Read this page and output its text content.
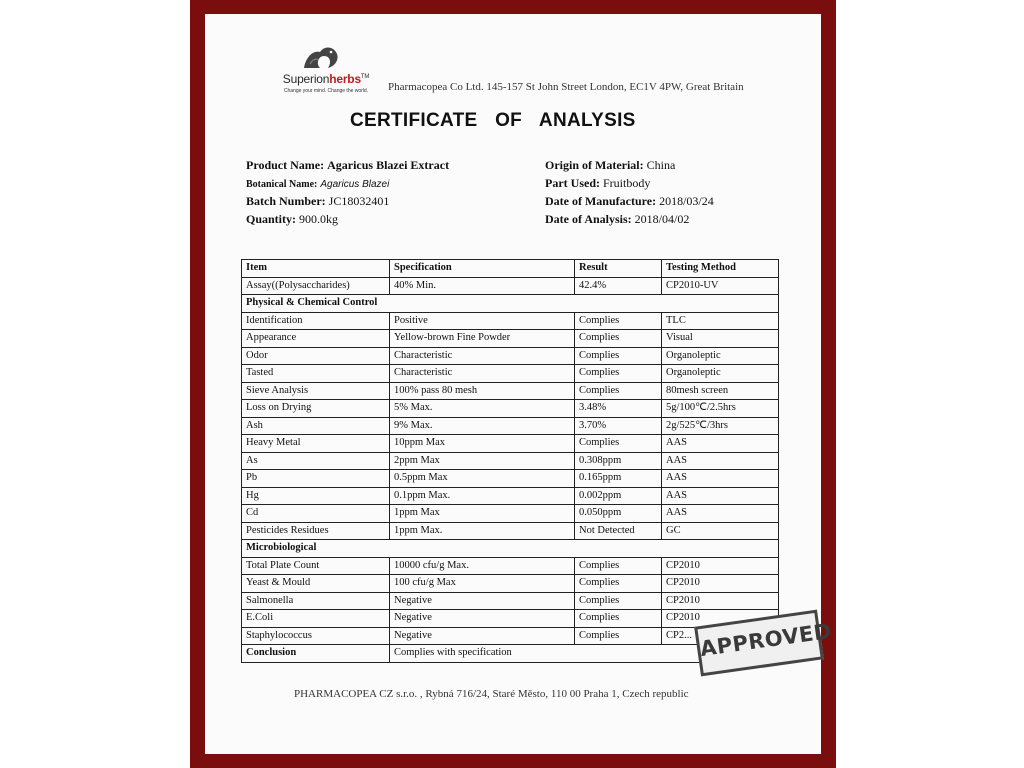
Superionherbs™
Change your mind. Change the world.	Pharmacopea Co Ltd. 145-157 St John Street London, EC1V 4PW, Great Britain
CERTIFICATE OF ANALYSIS
Product Name: Agaricus Blazei Extract
Botanical Name: Agaricus Blazei
Batch Number: JC18032401
Quantity: 900.0kg
Origin of Material: China
Part Used: Fruitbody
Date of Manufacture: 2018/03/24
Date of Analysis: 2018/04/02
Item	Specification	Result	Testing Method
Assay((Polysaccharides)	40% Min.	42.4%	CP2010-UV
Physical & Chemical Control			
Identification	Positive	Complies	TLC
Appearance	Yellow-brown Fine Powder	Complies	Visual
Odor	Characteristic	Complies	Organoleptic
Tasted	Characteristic	Complies	Organoleptic
Sieve Analysis	100% pass 80 mesh	Complies	80mesh screen
Loss on Drying	5% Max.	3.48%	5g/100℃/2.5hrs
Ash	9% Max.	3.70%	2g/525℃/3hrs
Heavy Metal	10ppm Max	Complies	AAS
As	2ppm Max	0.308ppm	AAS
Pb	0.5ppm Max	0.165ppm	AAS
Hg	0.1ppm Max.	0.002ppm	AAS
Cd	1ppm Max	0.050ppm	AAS
Pesticides Residues	1ppm Max.	Not Detected	GC
Microbiological			
Total Plate Count	10000 cfu/g Max.	Complies	CP2010
Yeast & Mould	100 cfu/g Max	Complies	CP2010
Salmonella	Negative	Complies	CP2010
E.Coli	Negative	Complies	CP2010
Staphylococcus	Negative	Complies	CP2...
Conclusion	Complies with specification		
PHARMACOPEA CZ s.r.o. , Rybná 716/24, Staré Město, 110 00 Praha 1, Czech republic
APPROVED
